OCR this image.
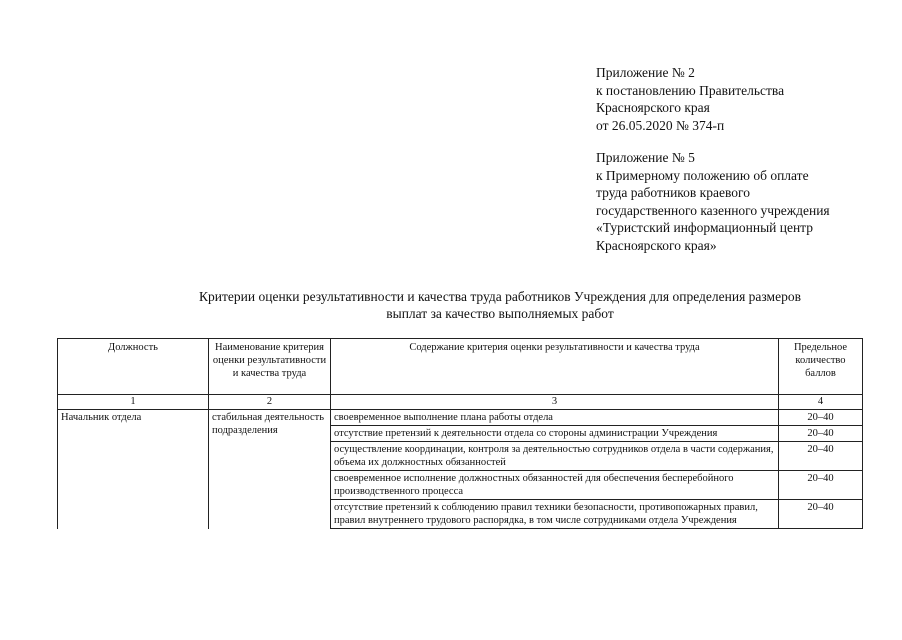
Приложение № 2
к постановлению Правительства
Красноярского края
от 26.05.2020 № 374-п
Приложение № 5
к Примерному положению об оплате
труда работников краевого
государственного казенного учреждения
«Туристский информационный центр
Красноярского края»
Критерии оценки результативности и качества труда работников Учреждения для определения размеров
выплат за качество выполняемых работ
Должность	Наименование критерия оценки результативности и качества труда	Содержание критерия оценки результативности и качества труда	Предельное количество баллов
1	2	3	4
Начальник отдела	стабильная деятельность подразделения	своевременное выполнение плана работы отдела	20–40
		отсутствие претензий к деятельности отдела со стороны администрации Учреждения	20–40
		осуществление координации, контроля за деятельностью сотрудников отдела в части содержания, объема их должностных обязанностей	20–40
		своевременное исполнение должностных обязанностей для обеспечения бесперебойного производственного процесса	20–40
		отсутствие претензий к соблюдению правил техники безопасности, противопожарных правил, правил внутреннего трудового распорядка, в том числе сотрудниками отдела Учреждения	20–40
